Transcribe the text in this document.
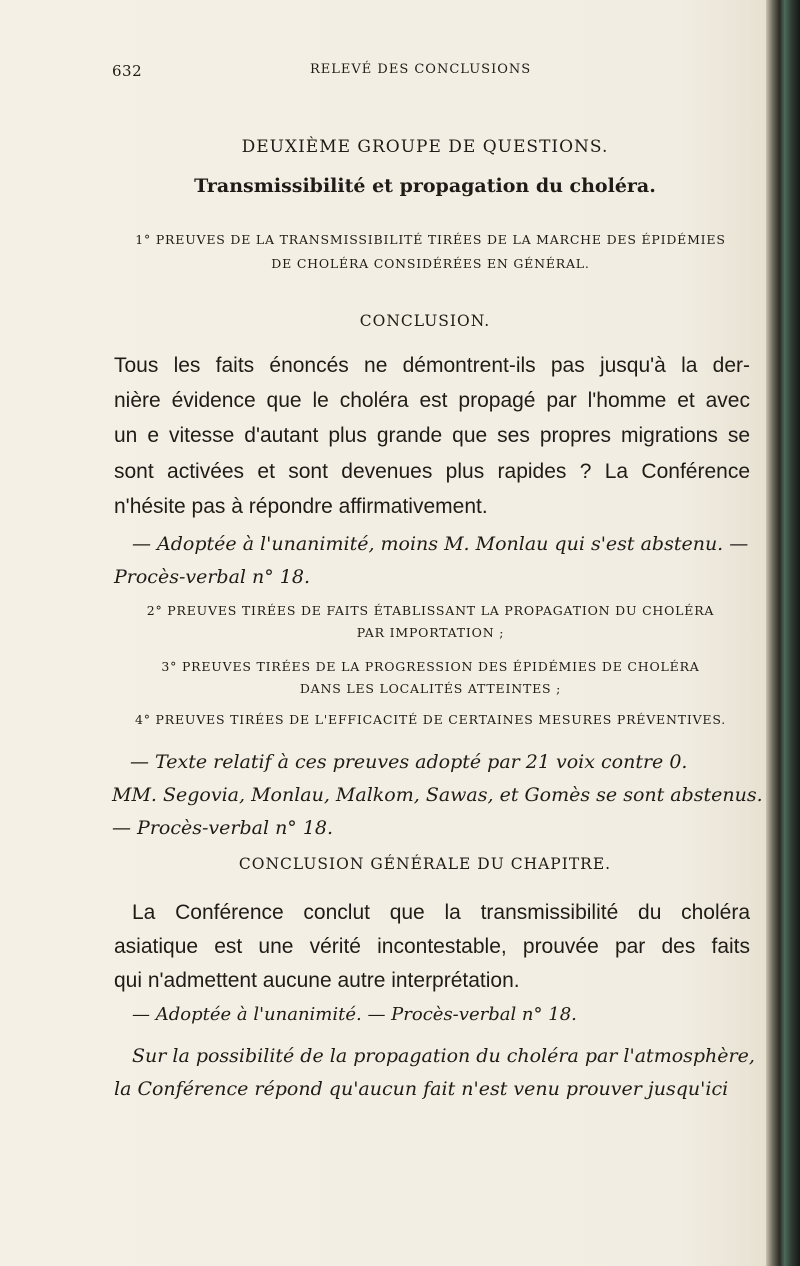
632	RELEVÉ DES CONCLUSIONS
DEUXIÈME GROUPE DE QUESTIONS.
Transmissibilité et propagation du choléra.
1° PREUVES DE LA TRANSMISSIBILITÉ TIRÉES DE LA MARCHE DES ÉPIDÉMIES
DE CHOLÉRA CONSIDÉRÉES EN GÉNÉRAL.
CONCLUSION.
Tous les faits énoncés ne démontrent-ils pas jusqu'à la der-
nière évidence que le choléra est propagé par l'homme et avec
un e vitesse d'autant plus grande que ses propres migrations se
sont activées et sont devenues plus rapides ? La Conférence
n'hésite pas à répondre affirmativement.
— Adoptée à l'unanimité, moins M. Monlau qui s'est abstenu. —
Procès-verbal n° 18.
2° PREUVES TIRÉES DE FAITS ÉTABLISSANT LA PROPAGATION DU CHOLÉRA
PAR IMPORTATION ;
3° PREUVES TIRÉES DE LA PROGRESSION DES ÉPIDÉMIES DE CHOLÉRA
DANS LES LOCALITÉS ATTEINTES ;
4° PREUVES TIRÉES DE L'EFFICACITÉ DE CERTAINES MESURES PRÉVENTIVES.
— Texte relatif à ces preuves adopté par 21 voix contre 0.
MM. Segovia, Monlau, Malkom, Sawas, et Gomès se sont abstenus.
— Procès-verbal n° 18.
CONCLUSION GÉNÉRALE DU CHAPITRE.
La Conférence conclut que la transmissibilité du choléra
asiatique est une vérité incontestable, prouvée par des faits
qui n'admettent aucune autre interprétation.
— Adoptée à l'unanimité. — Procès-verbal n° 18.
Sur la possibilité de la propagation du choléra par l'atmosphère,
la Conférence répond qu'aucun fait n'est venu prouver jusqu'ici
